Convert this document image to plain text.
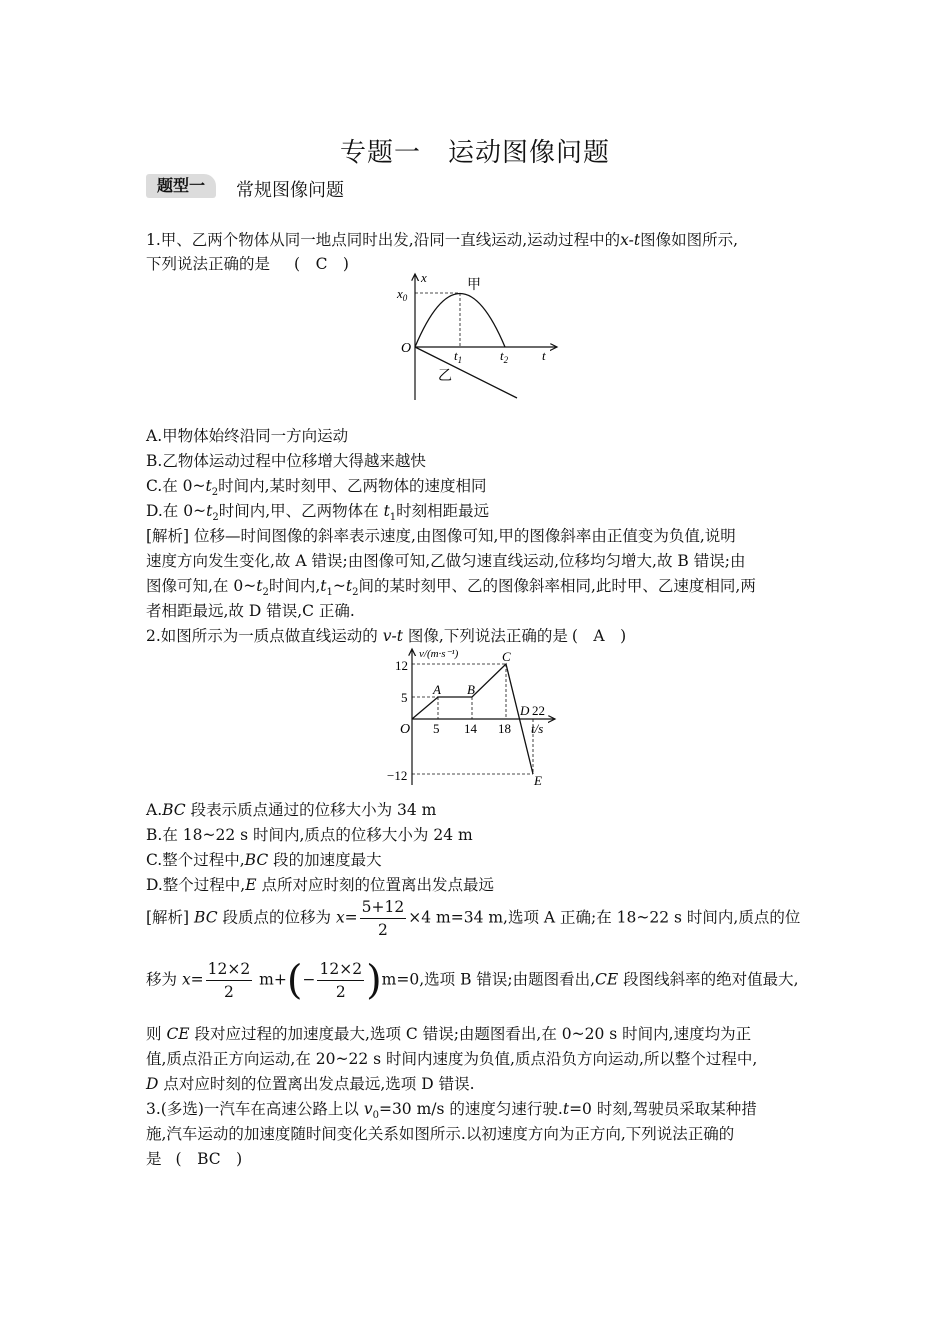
专题一　运动图像问题
题型一	常规图像问题
1.甲、乙两个物体从同一地点同时出发,沿同一直线运动,运动过程中的x-t图像如图所示,
下列说法正确的是 (　C　)
$x_0$
x
O	$t_1$	$t_2$	t
甲
乙
A.甲物体始终沿同一方向运动
B.乙物体运动过程中位移增大得越来越快
C.在 $0\sim t_2$时间内,某时刻甲、乙两物体的速度相同
D.在 $0\sim t_2$时间内,甲、乙两物体在 $t_1$时刻相距最远
[解析] 位移—时间图像的斜率表示速度,由图像可知,甲的图像斜率由正值变为负值,说明
速度方向发生变化,故 A 错误;由图像可知,乙做匀速直线运动,位移均匀增大,故 B 错误;由
图像可知,在 $0\sim t_2$时间内$,t_1\sim t_2$间的某时刻甲、乙的图像斜率相同,此时甲、乙速度相同,两
者相距最远,故 D 错误,C 正确.
2.如图所示为一质点做直线运动的 v-t 图像,下列说法正确的是 (　A　)
12
5
−12
O 5 14 18
22
t/s
v/(m·s⁻¹)
A B
C
D
E
A.BC 段表示质点通过的位移大小为 34 m
B.在 18~22 s 时间内,质点的位移大小为 24 m
C.整个过程中,BC 段的加速度最大
D.整个过程中,E 点所对应时刻的位置离出发点最远
[解析] BC 段质点的位移为 $x= \frac{5+12}{2} \times 4$ m=34 m,选项 A 正确;在 18~22 s 时间内,质点的位
移为 $x= \frac{12\times 2}{2} m+(- \frac{12\times 2}{2} )m=0$,选项 B 错误;由题图看出,CE 段图线斜率的绝对值最大,
则 CE 段对应过程的加速度最大,选项 C 错误;由题图看出,在 0~20 s 时间内,速度均为正
值,质点沿正方向运动,在 20~22 s 时间内速度为负值,质点沿负方向运动,所以整个过程中,
D 点对应时刻的位置离出发点最远,选项 D 错误.
3.(多选)一汽车在高速公路上以 $v_0=30$ m/s 的速度匀速行驶.t=0 时刻,驾驶员采取某种措
施,汽车运动的加速度随时间变化关系如图所示.以初速度方向为正方向,下列说法正确的
是 (　BC　)
